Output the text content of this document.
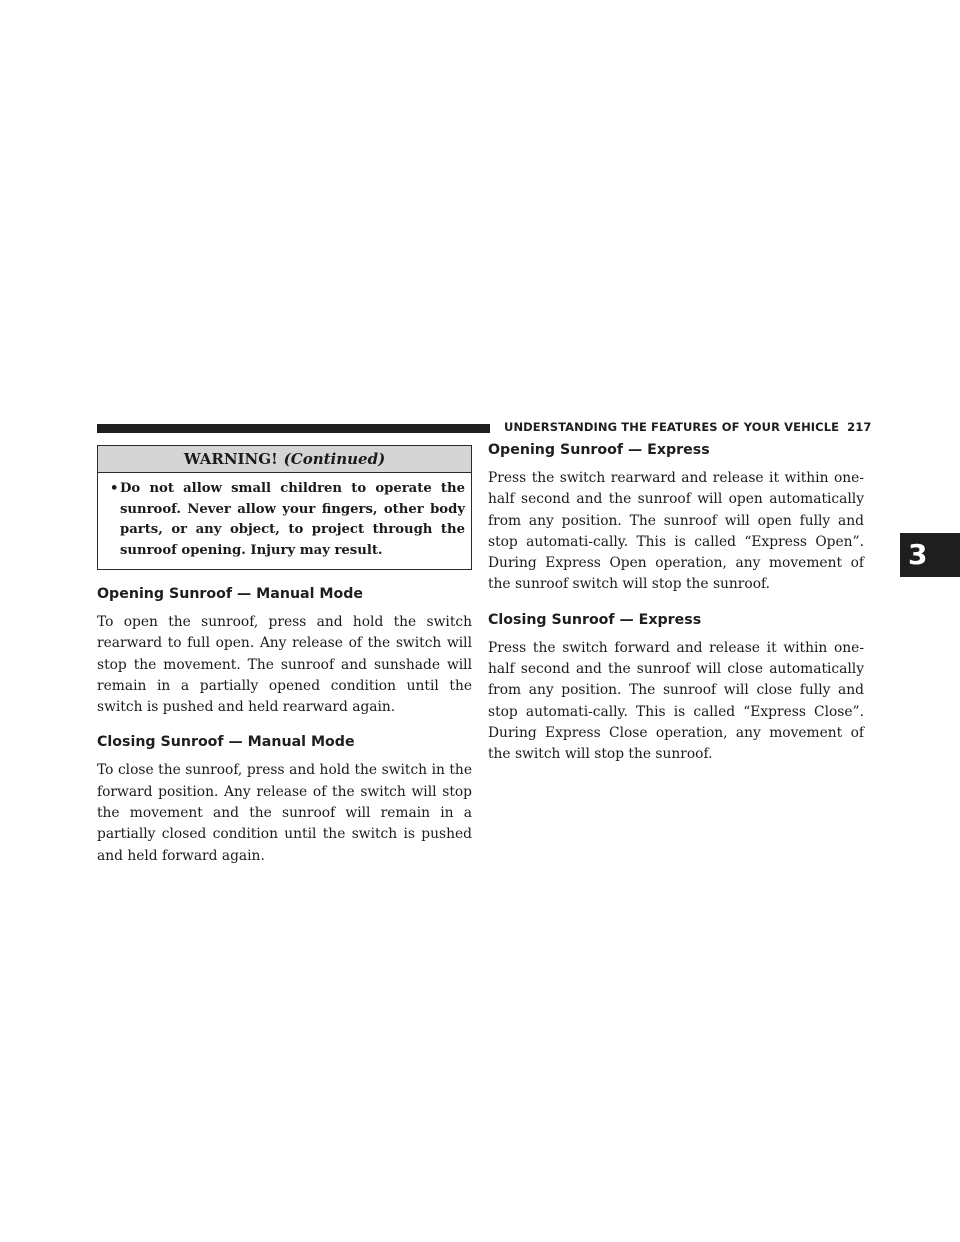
UNDERSTANDING THE FEATURES OF YOUR VEHICLE 217
3
WARNING! (Continued)
• Do not allow small children to operate the sunroof. Never allow your fingers, other body parts, or any object, to project through the sunroof opening. Injury may result.
Opening Sunroof — Manual Mode

To open the sunroof, press and hold the switch rearward to full open. Any release of the switch will stop the movement. The sunroof and sunshade will remain in a partially opened condition until the switch is pushed and held rearward again.

Closing Sunroof — Manual Mode

To close the sunroof, press and hold the switch in the forward position. Any release of the switch will stop the movement and the sunroof will remain in a partially closed condition until the switch is pushed and held forward again.

Opening Sunroof — Express

Press the switch rearward and release it within one-half second and the sunroof will open automatically from any position. The sunroof will open fully and stop automati-cally. This is called “Express Open”. During Express Open operation, any movement of the sunroof switch will stop the sunroof.

Closing Sunroof — Express

Press the switch forward and release it within one-half second and the sunroof will close automatically from any position. The sunroof will close fully and stop automati-cally. This is called “Express Close”. During Express Close operation, any movement of the switch will stop the sunroof.
